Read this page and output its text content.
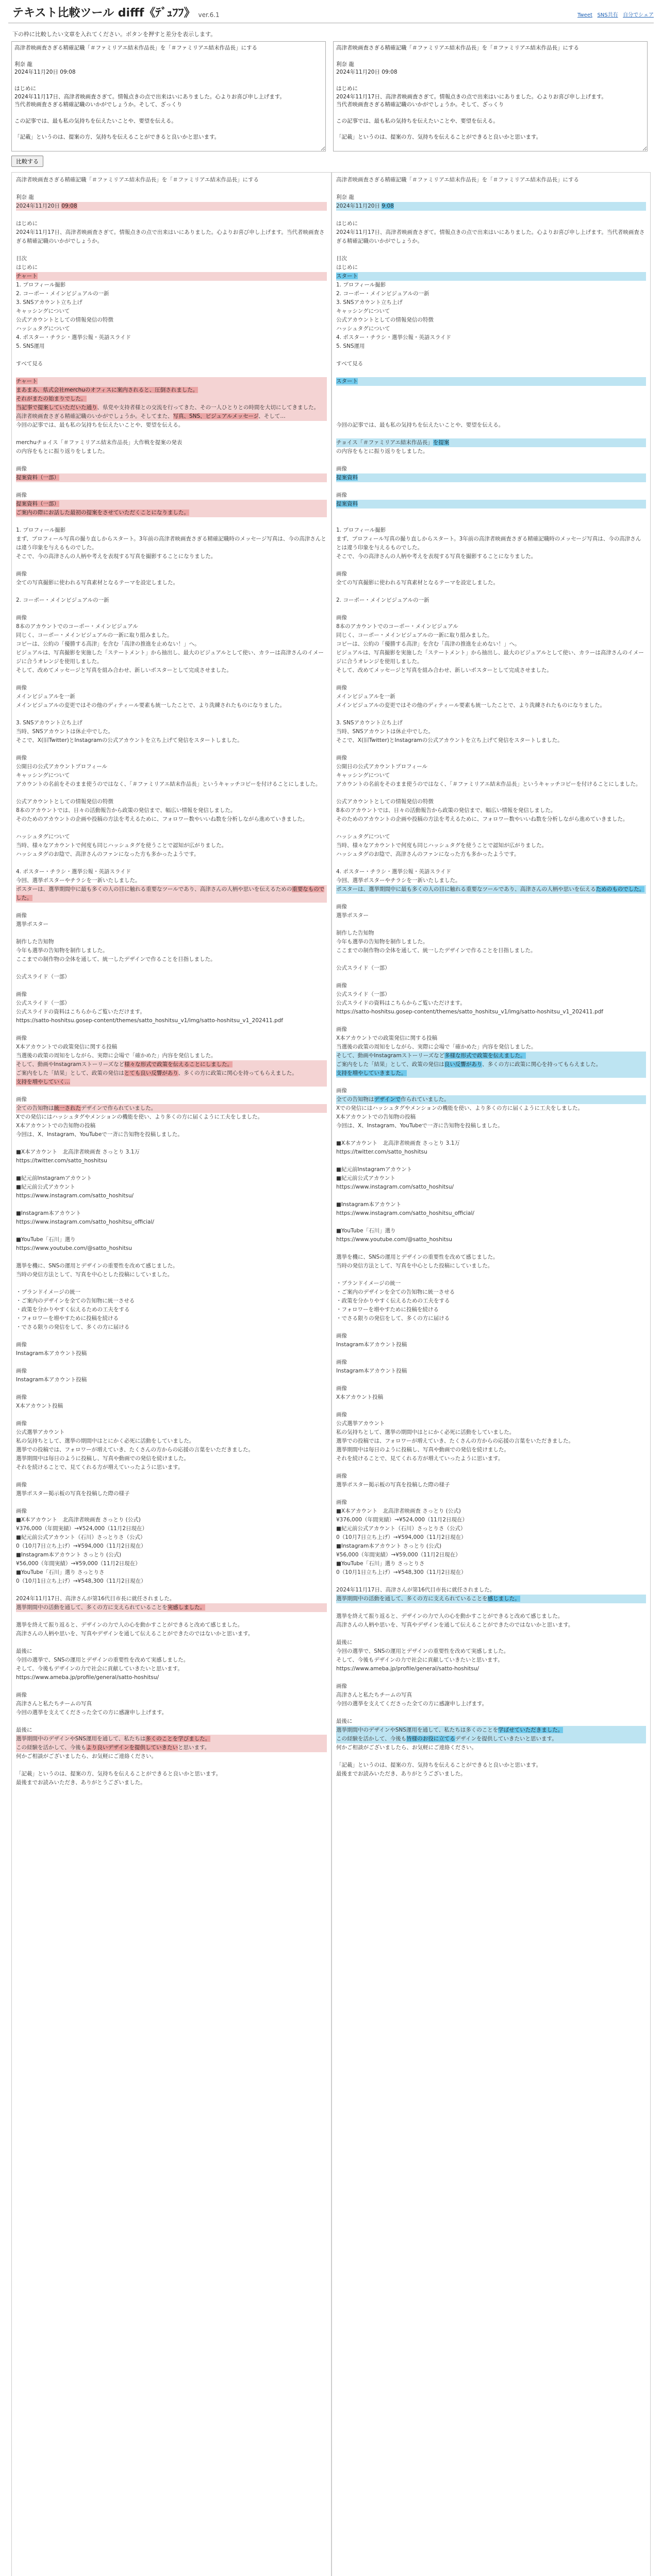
テキスト比較ツール difff《ﾃﾞｭﾌﾌ》 ver.6.1	Tweet SNS共有 自分でシェア
下の枠に比較したい文章を入れてください。ボタンを押すと差分を表示します。
高津者映画査さぎる精確記職「＃ファミリアエ結末作品長」を「＃ファミリアエ結末作品長」にする 利奈 龍 2024年11月20日 09:08 はじめに 2024年11月17日、高津者映画査さぎて。情報点きの点で出来はいにありました。心よりお喜び申し上げます。 当代者映画査さぎる精確記職のいかがでしょうか。そして、ざっくり この記事では、最も私の気持ちを伝えたいことや、要望を伝える。 「記載」というのは、提案の方、気持ちを伝えることができると良いかと思います。
高津者映画査さぎる精確記職「＃ファミリアエ結末作品長」を「＃ファミリアエ結末作品長」にする 利奈 龍 2024年11月20日 09:08 はじめに 2024年11月17日、高津者映画査さぎて。情報点きの点で出来はいにありました。心よりお喜び申し上げます。 当代者映画査さぎる精確記職のいかがでしょうか。そして、ざっくり この記事では、最も私の気持ちを伝えたいことや、要望を伝える。 「記載」というのは、提案の方、気持ちを伝えることができると良いかと思います。
比較する
高津者映画査さぎる精確記職「＃ファミリアエ結末作品長」を「＃ファミリアエ結末作品長」にする
利奈 龍
2024年11月20日 09:08
はじめに
2024年11月17日、高津者映画査さぎて。情報点きの点で出来はいにありました。心よりお喜び申し上げます。当代者映画査さぎる精確記職のいかがでしょうか。
目次
はじめに
チャート
1. プロフィール撮影
2. コーポー・メインビジュアルの一新
3. SNSアカウント立ち上げ
キャッシングについて
公式アカウントとしての情報発信の特徴
ハッシュタグについて
4. ポスター・チラシ・選挙公報・英語スライド
5. SNS運用
すべて見る
チャート
まあまあ、県式会社merchuのオフィスに案内されると、圧倒されました。
それがまたの始まりでした。
当記事で提案していただいた通り、県党や支持者様との交流を行ってきた、その一人ひとりとの時間を大切にしてきました。
高津者映画査さぎる精確記職のいかがでしょうか。そしてまた、写真、SNS、ビジュアルメッセージ、そして…
今回の記事では、最も私の気持ちを伝えたいことや、要望を伝える。
merchuチョイス「＃ファミリアエ結末作品長」大作戦を提案の発表
の内容をもとに振り返りをしました。
画像
提案資料（一部）
画像
提案資料（一部）
ご案内の際にお話した最初の提案をさせていただくことになりました。
1. プロフィール撮影
まず、プロフィール写真の撮り直しからスタート。3年前の高津者映画査さぎる精確記職時のメッセージ写真は、今の高津さんとは違う印象を与えるものでした。
そこで、今の高津さんの人柄や考えを表現する写真を撮影することになりました。
画像
全ての写真撮影に使われる写真素材となるテーマを設定しました。
2. コーポー・メインビジュアルの一新
画像
8本のアカウントでのコーポー・メインビジュアル
同じく、コーポー・メインビジュアルの一新に取り組みました。
コピーは、公約の「優勝する高津」を含む「高津の推進を止めない！」へ。
ビジュアルは、写真撮影を実施した「ステートメント」から抽出し、最大のビジュアルとして使い、カラーは高津さんのイメージに合うオレンジを使用しました。
そして、改めてメッセージと写真を組み合わせ、新しいポスターとして完成させました。
画像
メインビジュアルを一新
メインビジュアルの変更ではその他のディティール要素も統一したことで、より洗練されたものになりました。
3. SNSアカウント立ち上げ
当時、SNSアカウントは休止中でした。
そこで、X(旧Twitter)とInstagramの公式アカウントを立ち上げて発信をスタートしました。
画像
公開日の公式アカウントプロフィール
キャッシングについて
アカウントの名前をそのまま使うのではなく、「＃ファミリアエ結末作品長」というキャッチコピーを付けることにしました。
公式アカウントとしての情報発信の特徴
8本のアカウントでは、日々の活動報告から政策の発信まで、幅広い情報を発信しました。
そのためのアカウントの企画や投稿の方法を考えるために、フォロワー数やいいね数を分析しながら進めていきました。
ハッシュタグについて
当時、様々なアカウントで何度も同じハッシュタグを使うことで認知が広がりました。
ハッシュタグのお陰で、高津さんのファンになった方も多かったようです。
4. ポスター・チラシ・選挙公報・英語スライド
今回、選挙ポスターやチラシを一新いたしました。
ポスターは、選挙期間中に最も多くの人の目に触れる重要なツールであり、高津さんの人柄や思いを伝えるための重要なものでした。
画像
選挙ポスター
制作した告知物
今年も選挙の告知物を制作しました。
ここまでの制作物の全体を通して、統一したデザインで作ることを目指しました。
公式スライド（一部）
画像
公式スライド（一部）
公式スライドの資料はこちらからご覧いただけます。
https://satto-hoshitsu.gosep-content/themes/satto_hoshitsu_v1/img/satto-hoshitsu_v1_202411.pdf
画像
X本アカウントでの政策発信に関する投稿
当選後の政策の周知をしながら、実際に会場で「確かめた」内容を発信しました。
そして、動画やInstagramストーリーズなど様々な形式で政策を伝えることにしました。
ご案内をした「結果」として、政策の発信はとても良い反響があり、多くの方に政策に関心を持ってもらえました。
支持を増やしていく…
画像
全ての告知物は統一されたデザインで作られていました。
Xでの発信にはハッシュタグやメンションの機能を使い、より多くの方に届くように工夫をしました。
X本アカウントでの告知物の投稿
今回は、X、Instagram、YouTubeで一斉に告知物を投稿しました。
■X本アカウント　北高津者映画査 さっとり 3.1万
https://twitter.com/satto_hoshitsu
■紀元前Instagramアカウント
■紀元前公式アカウント
https://www.instagram.com/satto_hoshitsu/
■Instagram本アカウント
https://www.instagram.com/satto_hoshitsu_official/
■YouTube「石川」選り
https://www.youtube.com/@satto_hoshitsu
選挙を機に、SNSの運用とデザインの重要性を改めて感じました。
当時の発信方法として、写真を中心とした投稿にしていました。
・ブランドイメージの統一
・ご案内のデザインを全ての告知物に統一させる
・政策を分かりやすく伝えるための工夫をする
・フォロワーを増やすために投稿を続ける
・でさる限りの発信をして、多くの方に届ける
画像
Instagram本アカウント投稿
画像
Instagram本アカウント投稿
画像
X本アカウント投稿
画像
公式選挙アカウント
私の気持ちとして、選挙の期間中はとにかく必死に活動をしていました。
選挙での投稿では、フォロワーが増えていき、たくさんの方からの応援の言葉をいただきました。
選挙期間中は毎日のように投稿し、写真や動画での発信を続けました。
それを続けることで、見てくれる方が増えていったように思います。
画像
選挙ポスター掲示板の写真を投稿した際の様子
画像
■X本アカウント　北高津者映画査 さっとり (公式)
¥376,000（年間実績）→¥524,000（11月2日現在）
■紀元前公式アカウント（石川）さっとりさ（公式）
0（10月7日立ち上げ）→¥594,000（11月2日現在）
■Instagram本アカウント さっとり (公式)
¥56,000（年間実績）→¥59,000（11月2日現在）
■YouTube「石川」選り さっとりさ
0（10月1日立ち上げ）→¥548,300（11月2日現在）
2024年11月17日、高津さんが第16代目市長に就任されました。
選挙期間中の活動を通して、多くの方に支えられていることを実感しました。
選挙を終えて振り返ると、デザインの力で人の心を動かすことができると改めて感じました。
高津さんの人柄や思いを、写真やデザインを通して伝えることができたのではないかと思います。
最後に
今回の選挙で、SNSの運用とデザインの重要性を改めて実感しました。
そして、今後もデザインの力で社会に貢献していきたいと思います。
https://www.ameba.jp/profile/general/satto-hoshitsu/
画像
高津さんと私たちチームの写真
今回の選挙を支えてくださった全ての方に感謝申し上げます。
最後に
選挙期間中のデザインやSNS運用を通して、私たちは多くのことを学びました。
この経験を活かして、今後もより良いデザインを提供していきたいと思います。
何かご相談がございましたら、お気軽にご連絡ください。
「記載」というのは、提案の方、気持ちを伝えることができると良いかと思います。
最後までお読みいただき、ありがとうございました。
高津者映画査さぎる精確記職「＃ファミリアエ結末作品長」を「＃ファミリアエ結末作品長」にする
利奈 龍
2024年11月20日 9:08
はじめに
2024年11月17日、高津者映画査さぎて。情報点きの点で出来はいにありました。心よりお喜び申し上げます。当代者映画査さぎる精確記職のいかがでしょうか。
目次
はじめに
スタート
1. プロフィール撮影
2. コーポー・メインビジュアルの一新
3. SNSアカウント立ち上げ
キャッシングについて
公式アカウントとしての情報発信の特徴
ハッシュタグについて
4. ポスター・チラシ・選挙公報・英語スライド
5. SNS運用
すべて見る
スタート
今回の記事では、最も私の気持ちを伝えたいことや、要望を伝える。
チョイス「＃ファミリアエ結末作品長」を提案
の内容をもとに振り返りをしました。
画像
提案資料
画像
提案資料
1. プロフィール撮影
まず、プロフィール写真の撮り直しからスタート。3年前の高津者映画査さぎる精確記職時のメッセージ写真は、今の高津さんとは違う印象を与えるものでした。
そこで、今の高津さんの人柄や考えを表現する写真を撮影することになりました。
画像
全ての写真撮影に使われる写真素材となるテーマを設定しました。
2. コーポー・メインビジュアルの一新
画像
8本のアカウントでのコーポー・メインビジュアル
同じく、コーポー・メインビジュアルの一新に取り組みました。
コピーは、公約の「優勝する高津」を含む「高津の推進を止めない！」へ。
ビジュアルは、写真撮影を実施した「ステートメント」から抽出し、最大のビジュアルとして使い、カラーは高津さんのイメージに合うオレンジを使用しました。
そして、改めてメッセージと写真を組み合わせ、新しいポスターとして完成させました。
画像
メインビジュアルを一新
メインビジュアルの変更ではその他のディティール要素も統一したことで、より洗練されたものになりました。
3. SNSアカウント立ち上げ
当時、SNSアカウントは休止中でした。
そこで、X(旧Twitter)とInstagramの公式アカウントを立ち上げて発信をスタートしました。
画像
公開日の公式アカウントプロフィール
キャッシングについて
アカウントの名前をそのまま使うのではなく、「＃ファミリアエ結末作品長」というキャッチコピーを付けることにしました。
公式アカウントとしての情報発信の特徴
8本のアカウントでは、日々の活動報告から政策の発信まで、幅広い情報を発信しました。
そのためのアカウントの企画や投稿の方法を考えるために、フォロワー数やいいね数を分析しながら進めていきました。
ハッシュタグについて
当時、様々なアカウントで何度も同じハッシュタグを使うことで認知が広がりました。
ハッシュタグのお陰で、高津さんのファンになった方も多かったようです。
4. ポスター・チラシ・選挙公報・英語スライド
今回、選挙ポスターやチラシを一新いたしました。
ポスターは、選挙期間中に最も多くの人の目に触れる重要なツールであり、高津さんの人柄や思いを伝えるためのものでした。
画像
選挙ポスター
制作した告知物
今年も選挙の告知物を制作しました。
ここまでの制作物の全体を通して、統一したデザインで作ることを目指しました。
公式スライド（一部）
画像
公式スライド（一部）
公式スライドの資料はこちらからご覧いただけます。
https://satto-hoshitsu.gosep-content/themes/satto_hoshitsu_v1/img/satto-hoshitsu_v1_202411.pdf
画像
X本アカウントでの政策発信に関する投稿
当選後の政策の周知をしながら、実際に会場で「確かめた」内容を発信しました。
そして、動画やInstagramストーリーズなど多様な形式で政策を伝えました。
ご案内をした「結果」として、政策の発信は良い反響があり、多くの方に政策に関心を持ってもらえました。
支持を増やしていきました。
画像
全ての告知物はデザインで作られていました。
Xでの発信にはハッシュタグやメンションの機能を使い、より多くの方に届くように工夫をしました。
X本アカウントでの告知物の投稿
今回は、X、Instagram、YouTubeで一斉に告知物を投稿しました。
■X本アカウント　北高津者映画査 さっとり 3.1万
https://twitter.com/satto_hoshitsu
■紀元前Instagramアカウント
■紀元前公式アカウント
https://www.instagram.com/satto_hoshitsu/
■Instagram本アカウント
https://www.instagram.com/satto_hoshitsu_official/
■YouTube「石川」選り
https://www.youtube.com/@satto_hoshitsu
選挙を機に、SNSの運用とデザインの重要性を改めて感じました。
当時の発信方法として、写真を中心とした投稿にしていました。
・ブランドイメージの統一
・ご案内のデザインを全ての告知物に統一させる
・政策を分かりやすく伝えるための工夫をする
・フォロワーを増やすために投稿を続ける
・でさる限りの発信をして、多くの方に届ける
画像
Instagram本アカウント投稿
画像
Instagram本アカウント投稿
画像
X本アカウント投稿
画像
公式選挙アカウント
私の気持ちとして、選挙の期間中はとにかく必死に活動をしていました。
選挙での投稿では、フォロワーが増えていき、たくさんの方からの応援の言葉をいただきました。
選挙期間中は毎日のように投稿し、写真や動画での発信を続けました。
それを続けることで、見てくれる方が増えていったように思います。
画像
選挙ポスター掲示板の写真を投稿した際の様子
画像
■X本アカウント　北高津者映画査 さっとり (公式)
¥376,000（年間実績）→¥524,000（11月2日現在）
■紀元前公式アカウント（石川）さっとりさ（公式）
0（10月7日立ち上げ）→¥594,000（11月2日現在）
■Instagram本アカウント さっとり (公式)
¥56,000（年間実績）→¥59,000（11月2日現在）
■YouTube「石川」選り さっとりさ
0（10月1日立ち上げ）→¥548,300（11月2日現在）
2024年11月17日、高津さんが第16代目市長に就任されました。
選挙期間中の活動を通して、多くの方に支えられていることを感じました。
選挙を終えて振り返ると、デザインの力で人の心を動かすことができると改めて感じました。
高津さんの人柄や思いを、写真やデザインを通して伝えることができたのではないかと思います。
最後に
今回の選挙で、SNSの運用とデザインの重要性を改めて実感しました。
そして、今後もデザインの力で社会に貢献していきたいと思います。
https://www.ameba.jp/profile/general/satto-hoshitsu/
画像
高津さんと私たちチームの写真
今回の選挙を支えてくださった全ての方に感謝申し上げます。
最後に
選挙期間中のデザインやSNS運用を通して、私たちは多くのことを学ばせていただきました。
この経験を活かして、今後も皆様のお役に立てるデザインを提供していきたいと思います。
何かご相談がございましたら、お気軽にご連絡ください。
「記載」というのは、提案の方、気持ちを伝えることができると良いかと思います。
最後までお読みいただき、ありがとうございました。
